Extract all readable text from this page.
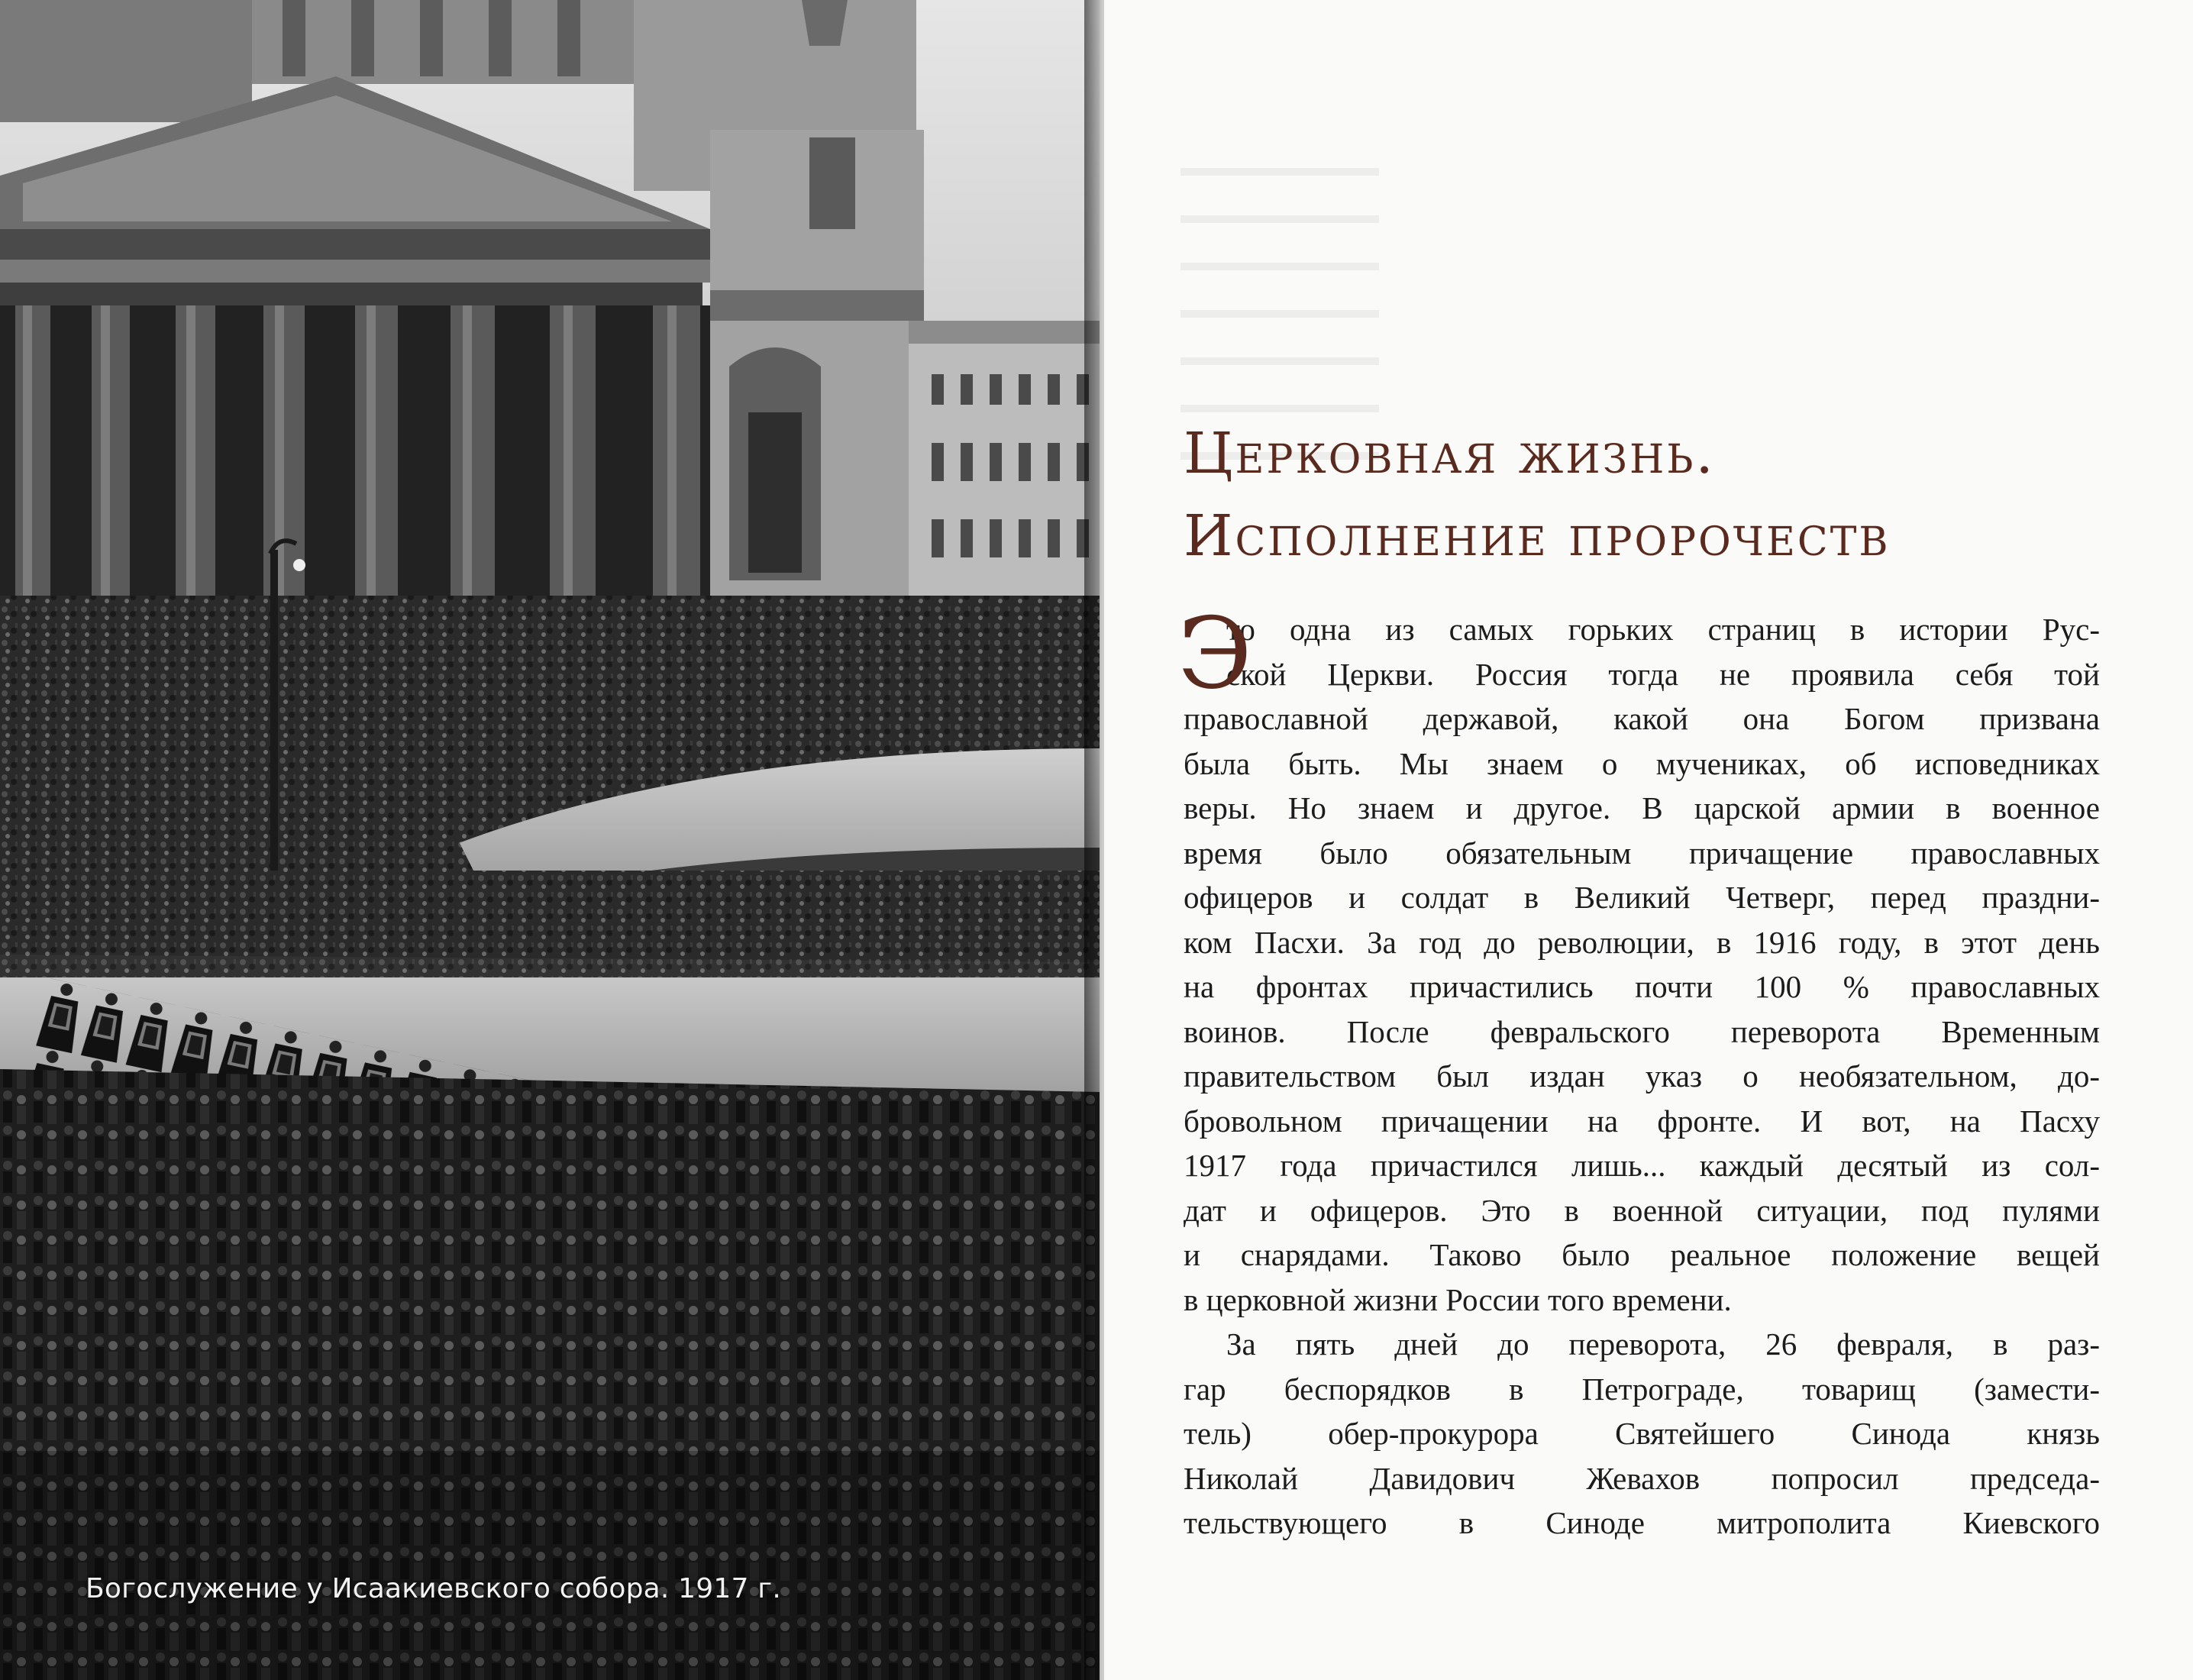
Богослужение у Исаакиевского собора. 1917 г.
Церковная жизнь.
Исполнение пророчеств
Э
то одна из самых горьких страниц в истории Рус-
ской Церкви. Россия тогда не проявила себя той
православной державой, какой она Богом призвана
была быть. Мы знаем о мучениках, об исповедниках
веры. Но знаем и другое. В царской армии в военное
время было обязательным причащение православных
офицеров и солдат в Великий Четверг, перед праздни-
ком Пасхи. За год до революции, в 1916 году, в этот день
на фронтах причастились почти 100 % православных
воинов. После февральского переворота Временным
правительством был издан указ о необязательном, до-
бровольном причащении на фронте. И вот, на Пасху
1917 года причастился лишь... каждый десятый из сол-
дат и офицеров. Это в военной ситуации, под пулями
и снарядами. Таково было реальное положение вещей
в церковной жизни России того времени.
За пять дней до переворота, 26 февраля, в раз-
гар беспорядков в Петрограде, товарищ (замести-
тель) обер-прокурора Святейшего Синода князь
Николай Давидович Жевахов попросил председа-
тельствующего в Синоде митрополита Киевского
